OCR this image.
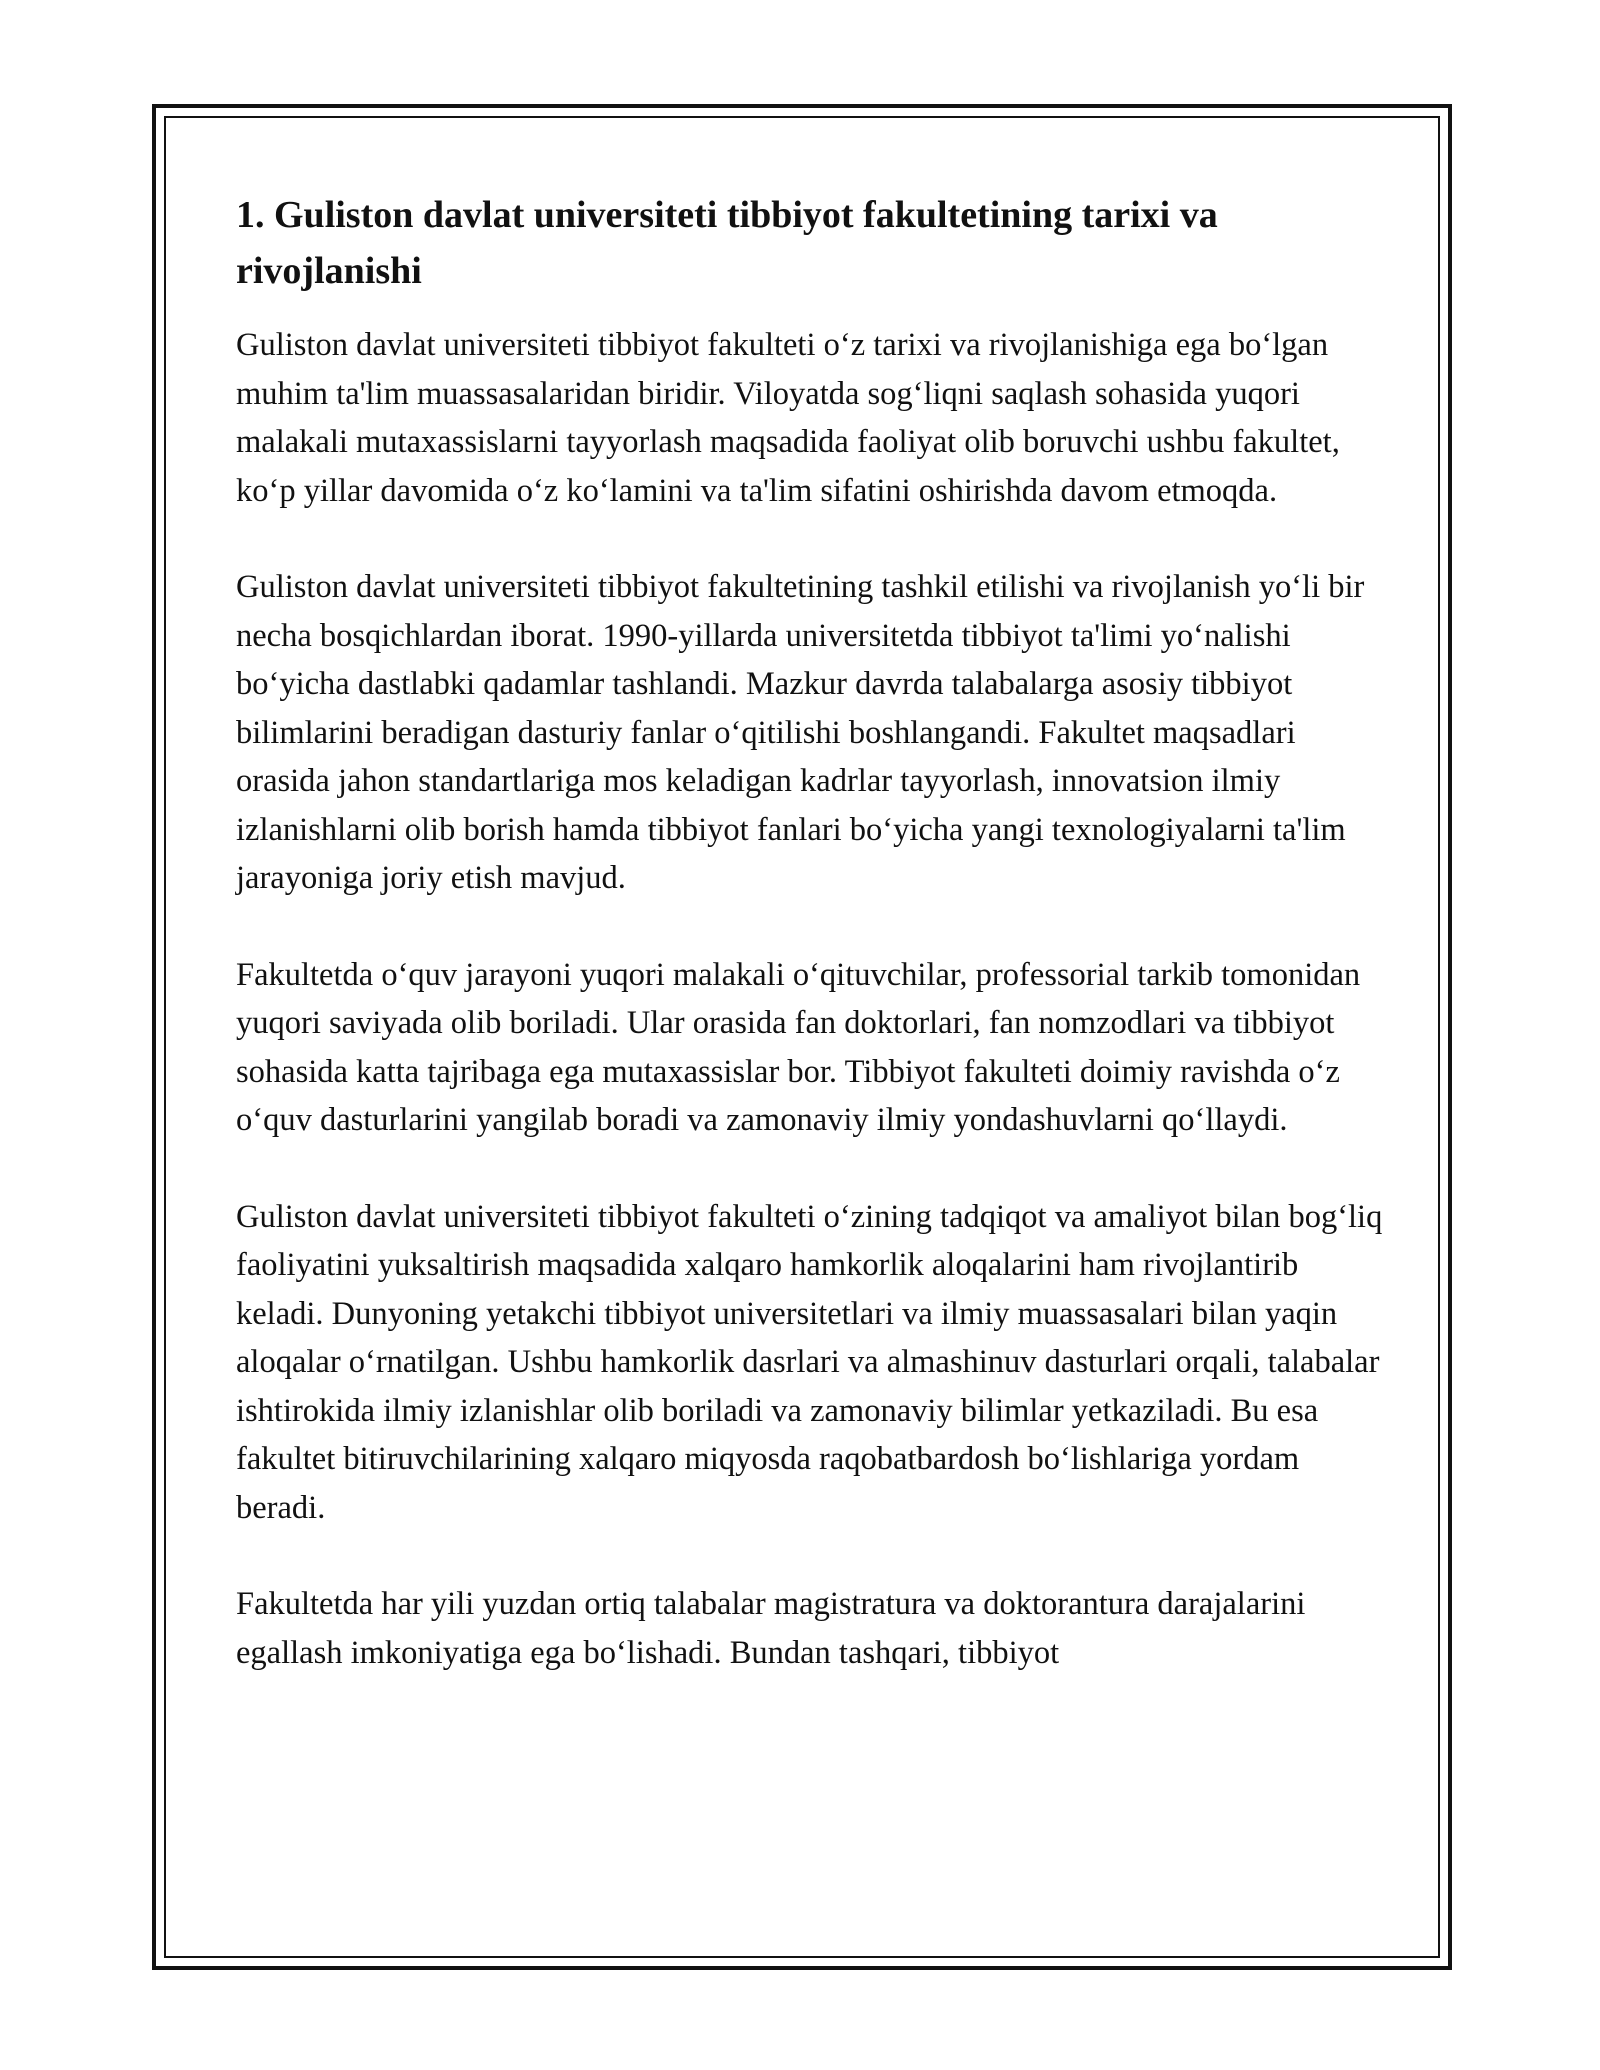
1. Guliston davlat universiteti tibbiyot fakultetining tarixi va rivojlanishi

Guliston davlat universiteti tibbiyot fakulteti o‘z tarixi va rivojlanishiga ega bo‘lgan muhim ta'lim muassasalaridan biridir. Viloyatda sog‘liqni saqlash sohasida yuqori malakali mutaxassislarni tayyorlash maqsadida faoliyat olib boruvchi ushbu fakultet, ko‘p yillar davomida o‘z ko‘lamini va ta'lim sifatini oshirishda davom etmoqda.

Guliston davlat universiteti tibbiyot fakultetining tashkil etilishi va rivojlanish yo‘li bir necha bosqichlardan iborat. 1990-yillarda universitetda tibbiyot ta'limi yo‘nalishi bo‘yicha dastlabki qadamlar tashlandi. Mazkur davrda talabalarga asosiy tibbiyot bilimlarini beradigan dasturiy fanlar o‘qitilishi boshlangandi. Fakultet maqsadlari orasida jahon standartlariga mos keladigan kadrlar tayyorlash, innovatsion ilmiy izlanishlarni olib borish hamda tibbiyot fanlari bo‘yicha yangi texnologiyalarni ta'lim jarayoniga joriy etish mavjud.

Fakultetda o‘quv jarayoni yuqori malakali o‘qituvchilar, professorial tarkib tomonidan yuqori saviyada olib boriladi. Ular orasida fan doktorlari, fan nomzodlari va tibbiyot sohasida katta tajribaga ega mutaxassislar bor. Tibbiyot fakulteti doimiy ravishda o‘z o‘quv dasturlarini yangilab boradi va zamonaviy ilmiy yondashuvlarni qo‘llaydi.

Guliston davlat universiteti tibbiyot fakulteti o‘zining tadqiqot va amaliyot bilan bog‘liq faoliyatini yuksaltirish maqsadida xalqaro hamkorlik aloqalarini ham rivojlantirib keladi. Dunyoning yetakchi tibbiyot universitetlari va ilmiy muassasalari bilan yaqin aloqalar o‘rnatilgan. Ushbu hamkorlik dasrlari va almashinuv dasturlari orqali, talabalar ishtirokida ilmiy izlanishlar olib boriladi va zamonaviy bilimlar yetkaziladi. Bu esa fakultet bitiruvchilarining xalqaro miqyosda raqobatbardosh bo‘lishlariga yordam beradi.

Fakultetda har yili yuzdan ortiq talabalar magistratura va doktorantura darajalarini egallash imkoniyatiga ega bo‘lishadi. Bundan tashqari, tibbiyot
